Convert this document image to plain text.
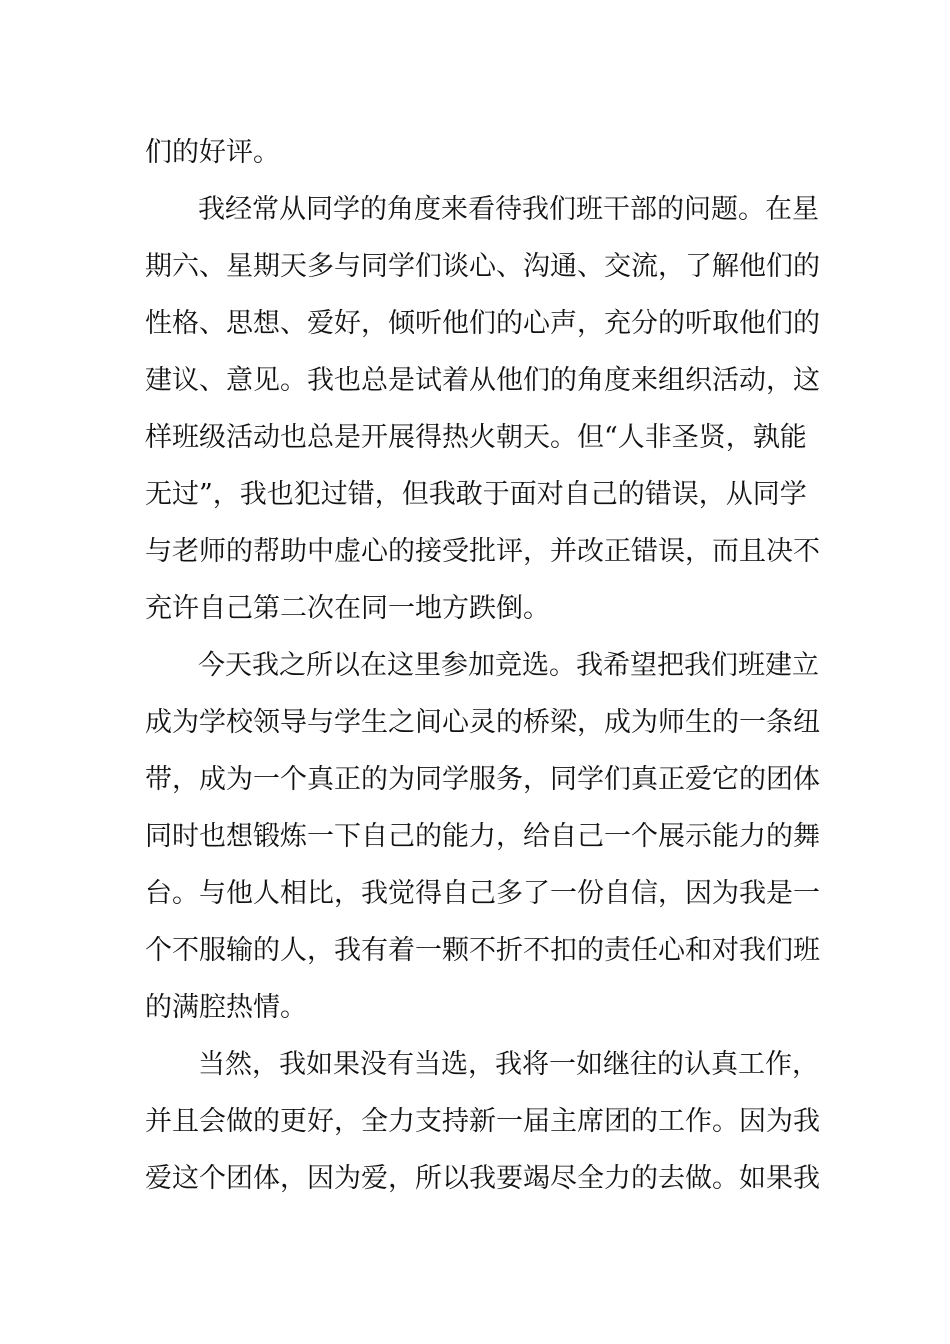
们的好评。
我经常从同学的角度来看待我们班干部的问题。在星
期六、星期天多与同学们谈心、沟通、交流，了解他们的
性格、思想、爱好，倾听他们的心声，充分的听取他们的
建议、意见。我也总是试着从他们的角度来组织活动，这
样班级活动也总是开展得热火朝天。但“人非圣贤，孰能
无过”，我也犯过错，但我敢于面对自己的错误，从同学
与老师的帮助中虚心的接受批评，并改正错误，而且决不
充许自己第二次在同一地方跌倒。
今天我之所以在这里参加竞选。我希望把我们班建立
成为学校领导与学生之间心灵的桥梁，成为师生的一条纽
带，成为一个真正的为同学服务，同学们真正爱它的团体
同时也想锻炼一下自己的能力，给自己一个展示能力的舞
台。与他人相比，我觉得自己多了一份自信，因为我是一
个不服输的人，我有着一颗不折不扣的责任心和对我们班
的满腔热情。
当然，我如果没有当选，我将一如继往的认真工作，
并且会做的更好，全力支持新一届主席团的工作。因为我
爱这个团体，因为爱，所以我要竭尽全力的去做。如果我
